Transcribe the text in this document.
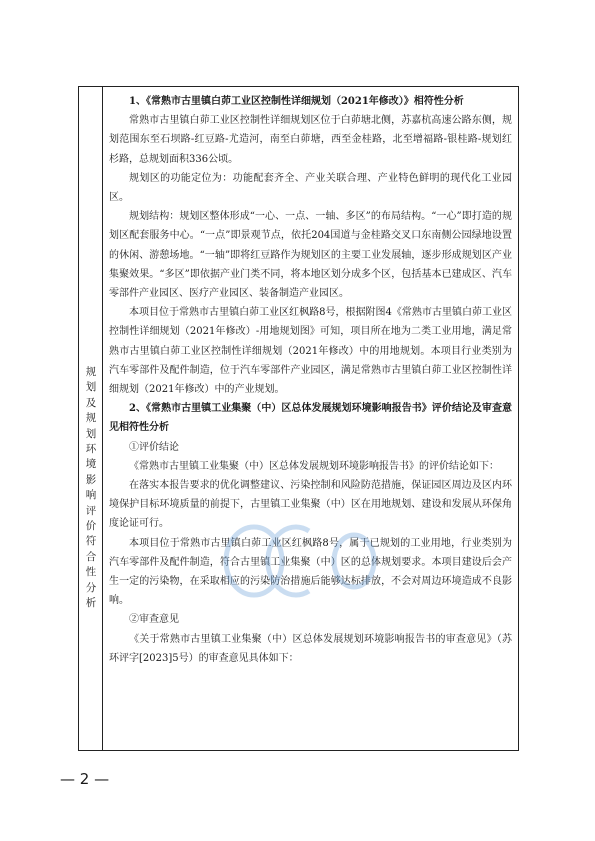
规
划
及
规
划
环
境
影
响
评
价
符
合
性
分
析

1、《常熟市古里镇白茆工业区控制性详细规划（2021年修改）》相符性分析

常熟市古里镇白茆工业区控制性详细规划区位于白茆塘北侧，苏嘉杭高速公路东侧，规划范围东至石坝路-红豆路-尤造河，南至白茆塘，西至金桂路，北至增福路-银桂路-规划红杉路，总规划面积336公顷。

规划区的功能定位为：功能配套齐全、产业关联合理、产业特色鲜明的现代化工业园区。

规划结构：规划区整体形成“一心、一点、一轴、多区”的布局结构。“一心”即打造的规划区配套服务中心。“一点”即景观节点，依托204国道与金桂路交叉口东南侧公园绿地设置的休闲、游憩场地。“一轴”即将红豆路作为规划区的主要工业发展轴，逐步形成规划区产业集聚效果。“多区”即依据产业门类不同，将本地区划分成多个区，包括基本已建成区、汽车零部件产业园区、医疗产业园区、装备制造产业园区。

本项目位于常熟市古里镇白茆工业区红枫路8号，根据附图4《常熟市古里镇白茆工业区控制性详细规划（2021年修改）-用地规划图》可知，项目所在地为二类工业用地，满足常熟市古里镇白茆工业区控制性详细规划（2021年修改）中的用地规划。本项目行业类别为汽车零部件及配件制造，位于汽车零部件产业园区，满足常熟市古里镇白茆工业区控制性详细规划（2021年修改）中的产业规划。

2、《常熟市古里镇工业集聚（中）区总体发展规划环境影响报告书》评价结论及审查意见相符性分析

①评价结论

《常熟市古里镇工业集聚（中）区总体发展规划环境影响报告书》的评价结论如下：

在落实本报告要求的优化调整建议、污染控制和风险防范措施，保证园区周边及区内环境保护目标环境质量的前提下，古里镇工业集聚（中）区在用地规划、建设和发展从环保角度论证可行。

本项目位于常熟市古里镇白茆工业区红枫路8号，属于已规划的工业用地，行业类别为汽车零部件及配件制造，符合古里镇工业集聚（中）区的总体规划要求。本项目建设后会产生一定的污染物，在采取相应的污染防治措施后能够达标排放，不会对周边环境造成不良影响。

②审查意见

《关于常熟市古里镇工业集聚（中）区总体发展规划环境影响报告书的审查意见》（苏环评字[2023]5号）的审查意见具体如下：

— 2 —
